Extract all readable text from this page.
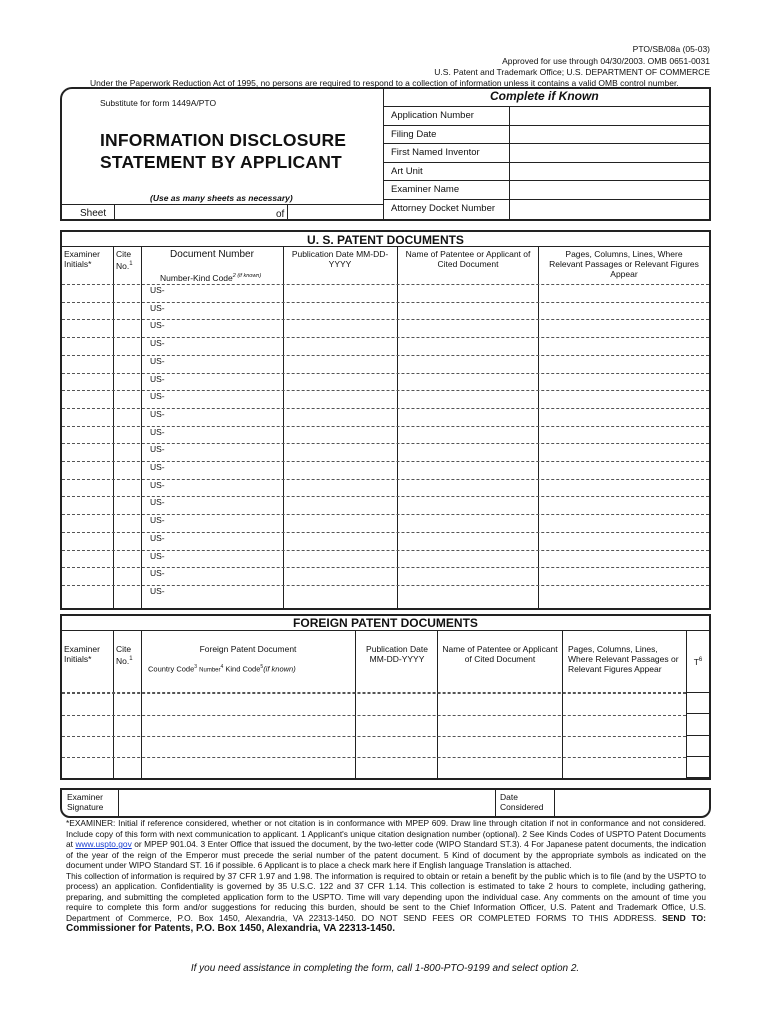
PTO/SB/08a (05-03)
Approved for use through 04/30/2003. OMB 0651-0031
U.S. Patent and Trademark Office; U.S. DEPARTMENT OF COMMERCE
Under the Paperwork Reduction Act of 1995, no persons are required to respond to a collection of information unless it contains a valid OMB control number.
Substitute for form 1449A/PTO	Complete if Known
INFORMATION DISCLOSURE
STATEMENT BY APPLICANT
(Use as many sheets as necessary)
Sheet	of
Application Number
Filing Date
First Named Inventor
Art Unit
Examiner Name
Attorney Docket Number
U. S. PATENT DOCUMENTS
Examiner Initials*
Cite No.$^1$
Document Number
Number-Kind Code$^{2 (if known)}$
Publication Date MM-DD-YYYY
Name of Patentee or Applicant of Cited Document
Pages, Columns, Lines, Where Relevant Passages or Relevant Figures Appear
US-
US-
US-
US-
US-
US-
US-
US-
US-
US-
US-
US-
US-
US-
US-
US-
US-
US-
FOREIGN PATENT DOCUMENTS
Examiner Initials*
Cite No.$^1$
Foreign Patent Document
Country Code$^3$ Number$^4$ Kind Code$^5$(if known)
Publication Date MM-DD-YYYY
Name of Patentee or Applicant of Cited Document
Pages, Columns, Lines, Where Relevant Passages or Relevant Figures Appear
$T^6$
Examiner Signature
Date Considered
*EXAMINER: Initial if reference considered, whether or not citation is in conformance with MPEP 609. Draw line through citation if not in conformance and not considered. Include copy of this form with next communication to applicant. 1 Applicant's unique citation designation number (optional). 2 See Kinds Codes of USPTO Patent Documents at www.uspto.gov or MPEP 901.04. 3 Enter Office that issued the document, by the two-letter code (WIPO Standard ST.3). 4 For Japanese patent documents, the indication of the year of the reign of the Emperor must precede the serial number of the patent document. 5 Kind of document by the appropriate symbols as indicated on the document under WIPO Standard ST. 16 if possible. 6 Applicant is to place a check mark here if English language Translation is attached.
This collection of information is required by 37 CFR 1.97 and 1.98. The information is required to obtain or retain a benefit by the public which is to file (and by the USPTO to process) an application. Confidentiality is governed by 35 U.S.C. 122 and 37 CFR 1.14. This collection is estimated to take 2 hours to complete, including gathering, preparing, and submitting the completed application form to the USPTO. Time will vary depending upon the individual case. Any comments on the amount of time you require to complete this form and/or suggestions for reducing this burden, should be sent to the Chief Information Officer, U.S. Patent and Trademark Office, U.S. Department of Commerce, P.O. Box 1450, Alexandria, VA 22313-1450. DO NOT SEND FEES OR COMPLETED FORMS TO THIS ADDRESS. SEND TO: Commissioner for Patents, P.O. Box 1450, Alexandria, VA 22313-1450.
If you need assistance in completing the form, call 1-800-PTO-9199 and select option 2.
